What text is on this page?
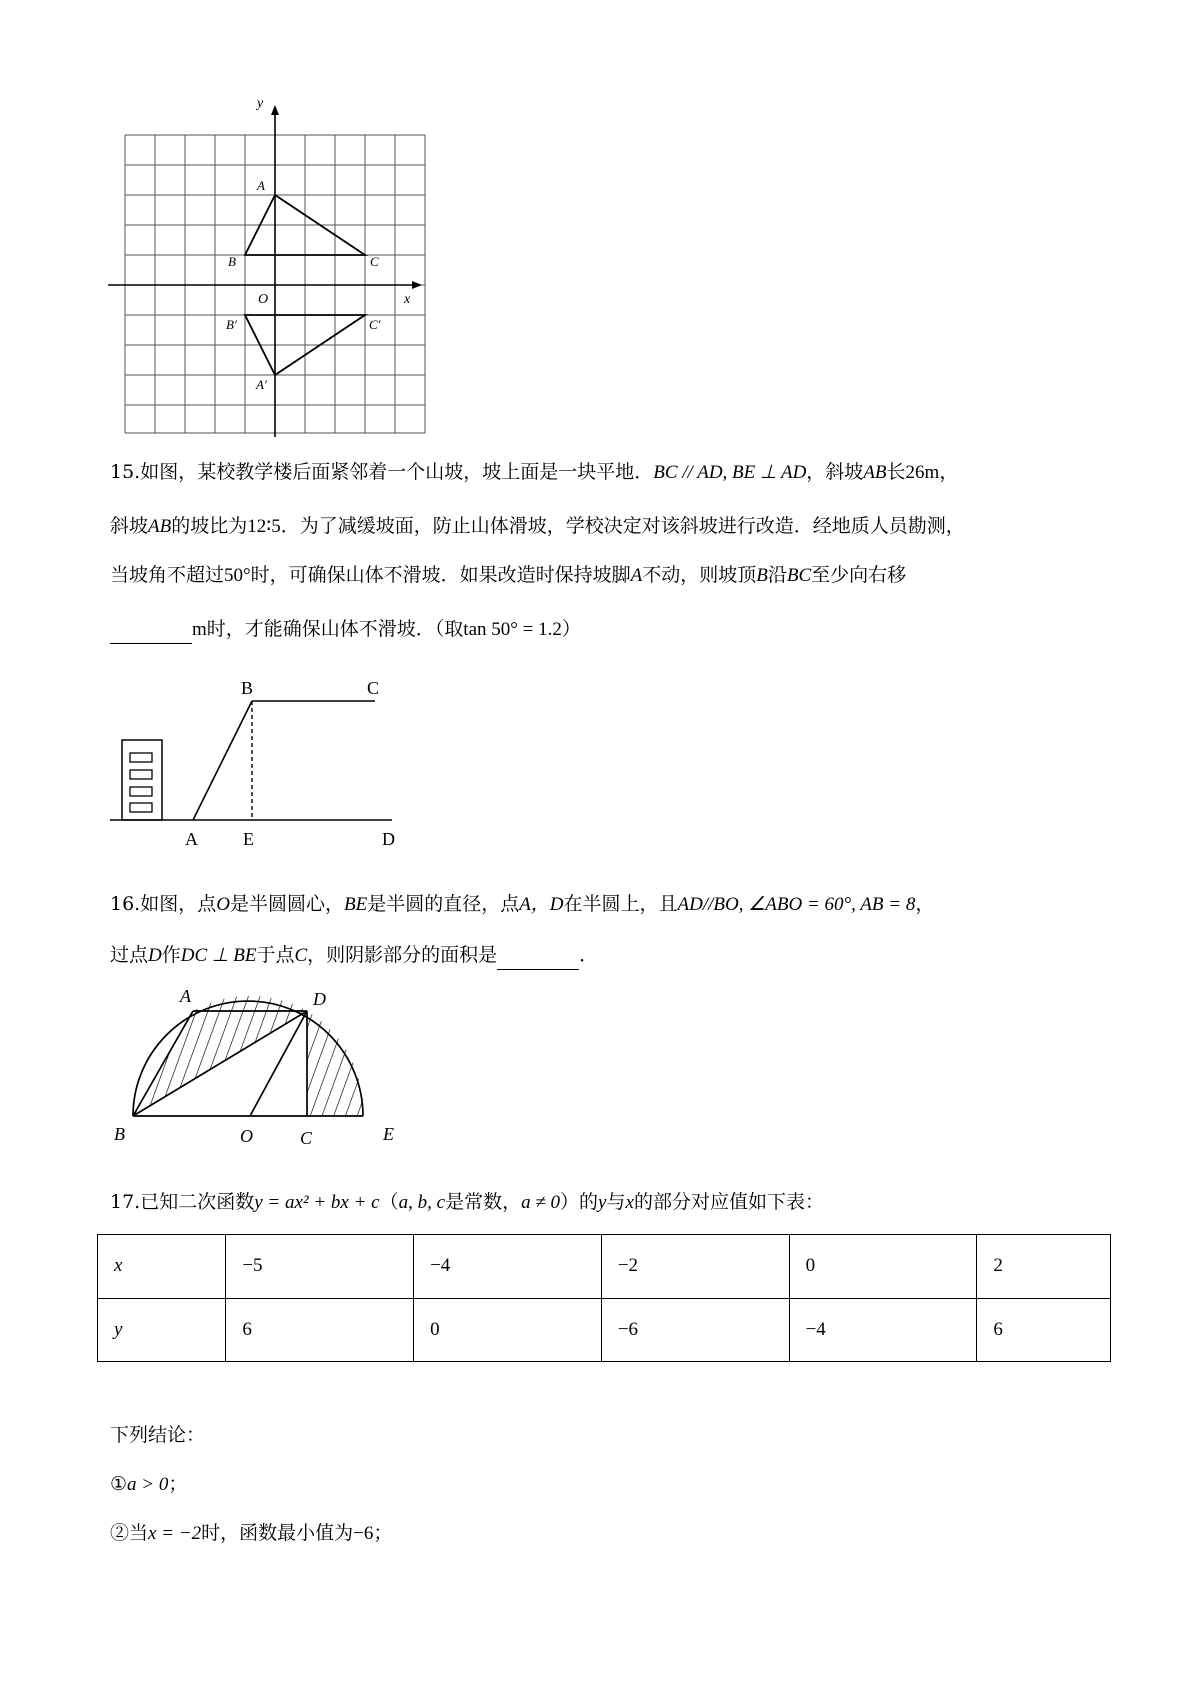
x
y
O
A
B	C
B′	C′
A′
15.如图，某校教学楼后面紧邻着一个山坡，坡上面是一块平地．BC // AD, BE ⊥ AD，斜坡AB长26m，
斜坡AB的坡比为12∶5．为了减缓坡面，防止山体滑坡，学校决定对该斜坡进行改造．经地质人员勘测，
当坡角不超过50°时，可确保山体不滑坡．如果改造时保持坡脚A不动，则坡顶B沿BC至少向右移
m时，才能确保山体不滑坡．（取tan 50° = 1.2）
B	C
A	E	D
16.如图，点O是半圆圆心，BE是半圆的直径，点A，D在半圆上，且AD//BO, ∠ABO = 60°, AB = 8，
过点D作DC ⊥ BE于点C，则阴影部分的面积是	．
A	D
B	O	C	E
17.已知二次函数y = ax² + bx + c（a, b, c是常数，a ≠ 0）的y与x的部分对应值如下表：
x	−5	−4	−2	0	2
y	6	0	−6	−4	6
下列结论：
①a > 0；
②当x = −2时，函数最小值为−6；
